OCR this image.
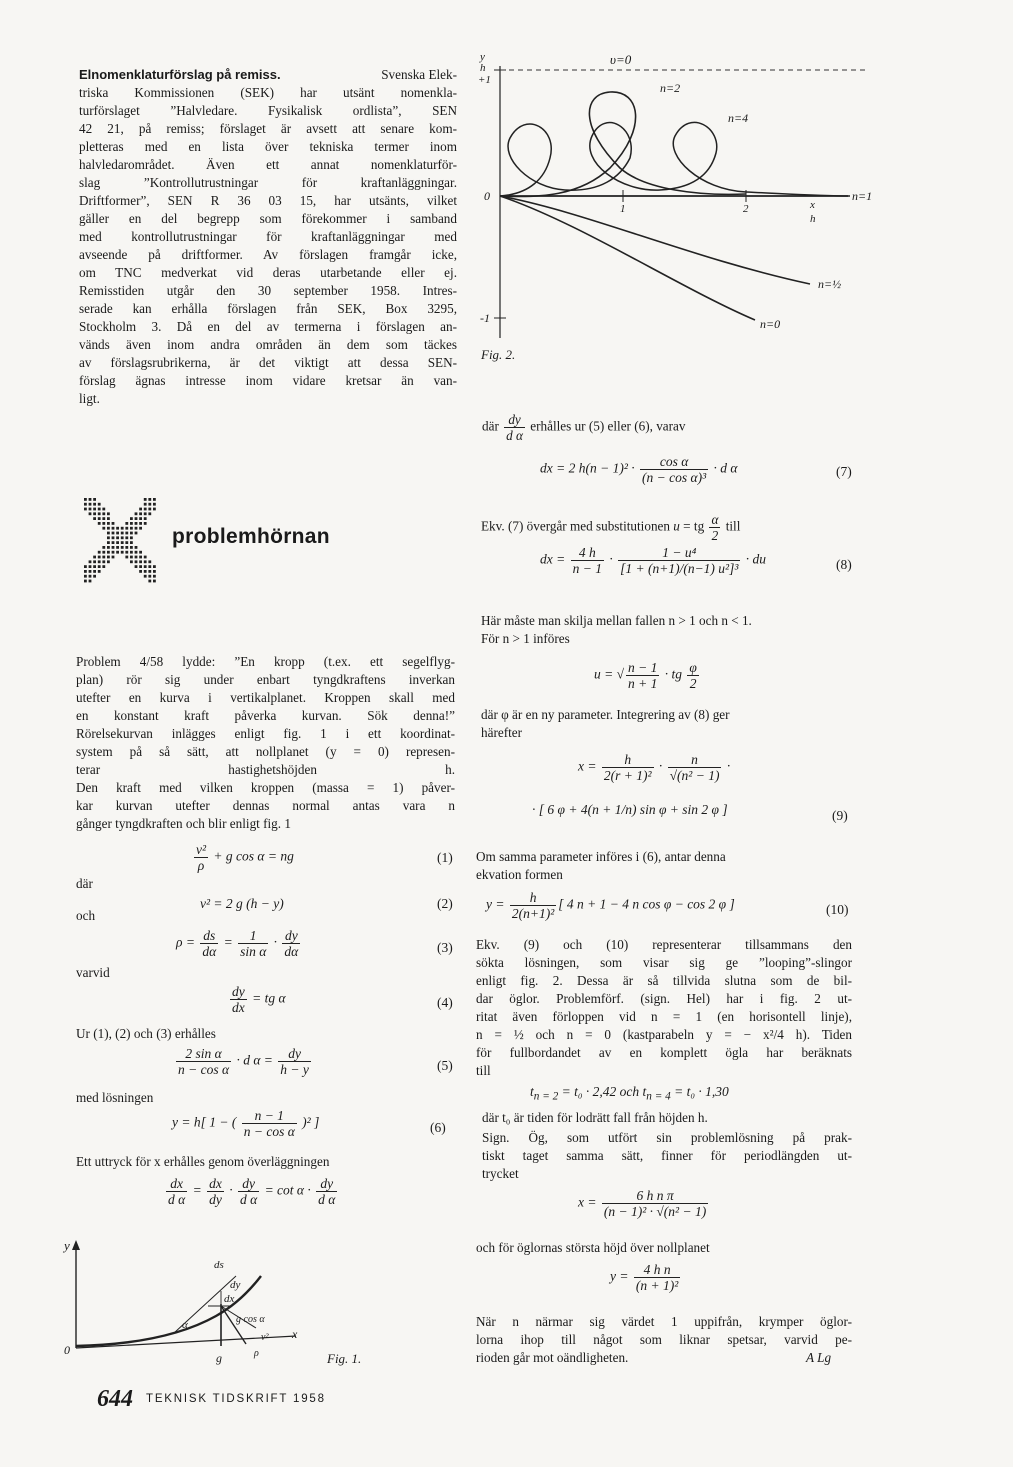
Elnomenklaturförslag på remiss.	Svenska Elek-
triska Kommissionen (SEK) har utsänt nomenkla-
turförslaget ”Halvledare. Fysikalisk ordlista”, SEN
42 21, på remiss; förslaget är avsett att senare kom-
pletteras med en lista över tekniska termer inom
halvledarområdet. Även ett annat nomenklaturför-
slag ”Kontrollutrustningar för kraftanläggningar.
Driftformer”, SEN R 36 03 15, har utsänts, vilket
gäller en del begrepp som förekommer i samband
med kontrollutrustningar för kraftanläggningar med
avseende på driftformer. Av förslagen framgår icke,
om TNC medverkat vid deras utarbetande eller ej.
Remisstiden utgår den 30 september 1958. Intres-
serade kan erhålla förslagen från SEK, Box 3295,
Stockholm 3. Då en del av termerna i förslagen an-
vänds även inom andra områden än dem som täckes
av förslagsrubrikerna, är det viktigt att dessa SEN-
förslag ägnas intresse inom vidare kretsar än van-
ligt.
problemhörnan
Problem 4/58 lydde: ”En kropp (t.ex. ett segelflyg-
plan) rör sig under enbart tyngdkraftens inverkan
utefter en kurva i vertikalplanet. Kroppen skall med
en konstant kraft påverka kurvan. Sök denna!”
Rörelsekurvan inlägges enligt fig. 1 i ett koordinat-
system på så sätt, att nollplanet (y = 0) represen-
terar hastighetshöjden h.
Den kraft med vilken kroppen (massa = 1) påver-
kar kurvan utefter dennas normal antas vara n
gånger tyngdkraften och blir enligt fig. 1
$\frac{\text{v²}}{\rho} + g$ cos α = ng	(1)
där
v² = 2 g (h − y)	(2)
och
$\rho = \frac{ds}{d\alpha} = \frac{1}{\text{sin α}} \cdot \frac{dy}{d\alpha}$	(3)
varvid
$\frac{dy}{dx}$ = tg α	(4)
Ur (1), (2) och (3) erhålles
$\frac{\text{2 sin α}}{\text{n − cos α}} \cdot d$ $\alpha = \frac{dy}{h - y}$	(5)
med lösningen
y = h[ 1 − ( $\frac{n - 1}{\text{n − cos α}} )^2$ ]	(6)
Ett uttryck för x erhålles genom överläggningen
$\frac{dx}{\text{d α}} = \frac{dx}{dy} \cdot \frac{dy}{\text{d α}} = \cot \alpha \cdot \frac{dy}{\text{d α}}$
y
0
x
g
ds
dy
dx
g cos α
α
v²
ρ	Fig. 1.
644 TEKNISK TIDSKRIFT 1958
υ=0
n=2
n=4
n=1
n=½
n=0
y
h
+1
0
-1
1	2	x
h
Fig. 2.
där $\frac{dy}{\text{d α}}$ erhålles ur (5) eller (6), varav
dx = 2 $h(n - 1)^2 \cdot \frac{\text{cos α}}{\text{(n − cos α)³}} \cdot d$ α	(7)
Ekv. (7) övergår med substitutionen u = tg $\frac{\alpha}{2}$ till
dx = $\frac{4 h}{n - 1} \cdot \frac{\text{1 − u⁴}}{\text{[1 + (n+1)/(n−1) u²]³}}$ · du	(8)
Här måste man skilja mellan fallen n > 1 och n < 1.
För n > 1 införes
u = √ $\frac{n - 1}{n + 1}$ · tg $\frac{\varphi}{2}$
där φ är en ny parameter. Integrering av (8) ger
härefter
$x = \frac{h}{\text{2(r + 1)²}} \cdot \frac{n}{\text{√(n² − 1)}}$ ·
· [ 6 φ + 4(n + 1/n) sin φ + sin 2 φ ]	(9)
Om samma parameter införes i (6), antar denna
ekvation formen
$y = \frac{h}{\text{2(n+1)²}}$ [ 4 n + 1 − 4 n cos φ − cos 2 φ ]	(10)
Ekv. (9) och (10) representerar tillsammans den
sökta lösningen, som visar sig ge ”looping”-slingor
enligt fig. 2. Dessa är så tillvida slutna som de bil-
dar öglor. Problemförf. (sign. Hel) har i fig. 2 ut-
ritat även förloppen vid n = 1 (en horisontell linje),
n = ½ och n = 0 (kastparabeln y = − x²/4 h). Tiden
för fullbordandet av en komplett ögla har beräknats
till
$t_{n = 2} = t_0 \cdot 2,42$ och $t_{n = 4} = t_0 \cdot 1,30$
där t₀ är tiden för lodrätt fall från höjden h.
Sign. Ög, som utfört sin problemlösning på prak-
tiskt taget samma sätt, finner för periodlängden ut-
trycket
$x = \frac{\text{6 h n π}}{\text{(n − 1)² · √(n² − 1)}}$
och för öglornas största höjd över nollplanet
$y = \frac{\text{4 h n}}{\text{(n + 1)²}}$
När n närmar sig värdet 1 uppifrån, krymper öglor-
lorna ihop till något som liknar spetsar, varvid pe-
rioden går mot oändligheten.	A Lg
